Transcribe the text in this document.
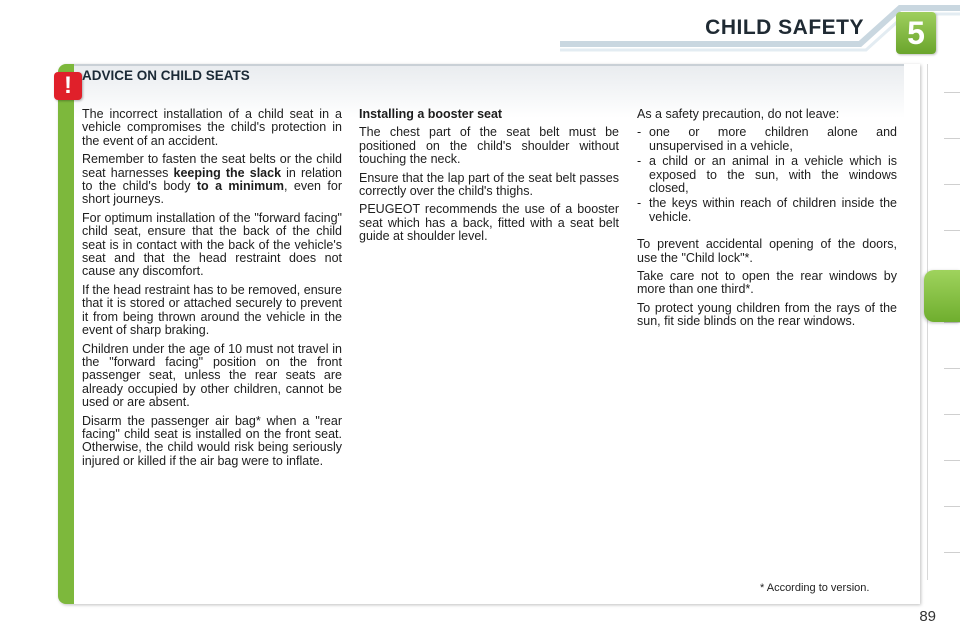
CHILD SAFETY	5
! ADVICE ON CHILD SEATS

The incorrect installation of a child seat in a vehicle compromises the child's protection in the event of an accident.

Remember to fasten the seat belts or the child seat harnesses keeping the slack in relation to the child's body to a minimum, even for short journeys.

For optimum installation of the "forward facing" child seat, ensure that the back of the child seat is in contact with the back of the vehicle's seat and that the head restraint does not cause any discomfort.

If the head restraint has to be removed, ensure that it is stored or attached securely to prevent it from being thrown around the vehicle in the event of sharp braking.

Children under the age of 10 must not travel in the "forward facing" position on the front passenger seat, unless the rear seats are already occupied by other children, cannot be used or are absent.

Disarm the passenger air bag* when a "rear facing" child seat is installed on the front seat. Otherwise, the child would risk being seriously injured or killed if the air bag were to inflate.

Installing a booster seat

The chest part of the seat belt must be positioned on the child's shoulder without touching the neck.

Ensure that the lap part of the seat belt passes correctly over the child's thighs.

PEUGEOT recommends the use of a booster seat which has a back, fitted with a seat belt guide at shoulder level.

As a safety precaution, do not leave:

- one or more children alone and unsupervised in a vehicle,
- a child or an animal in a vehicle which is exposed to the sun, with the windows closed,
- the keys within reach of children inside the vehicle.

To prevent accidental opening of the doors, use the "Child lock"*.

Take care not to open the rear windows by more than one third*.

To protect young children from the rays of the sun, fit side blinds on the rear windows.

* According to version.
89
